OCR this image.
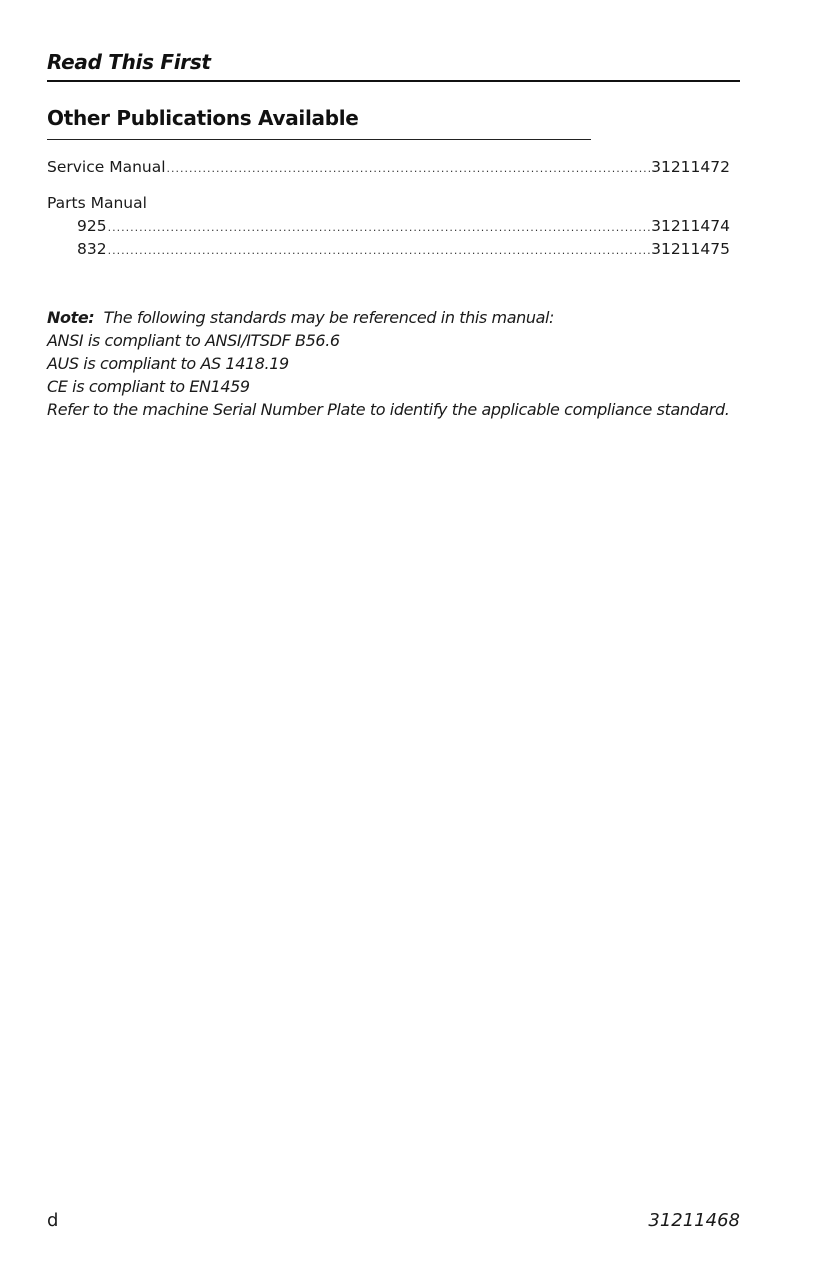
Read This First
Other Publications Available
Service Manual .....	31211472
Parts Manual
925 .....	31211474
832 .....	31211475
Note: The following standards may be referenced in this manual:
ANSI is compliant to ANSI/ITSDF B56.6
AUS is compliant to AS 1418.19
CE is compliant to EN1459
Refer to the machine Serial Number Plate to identify the applicable compliance standard.
d	31211468
